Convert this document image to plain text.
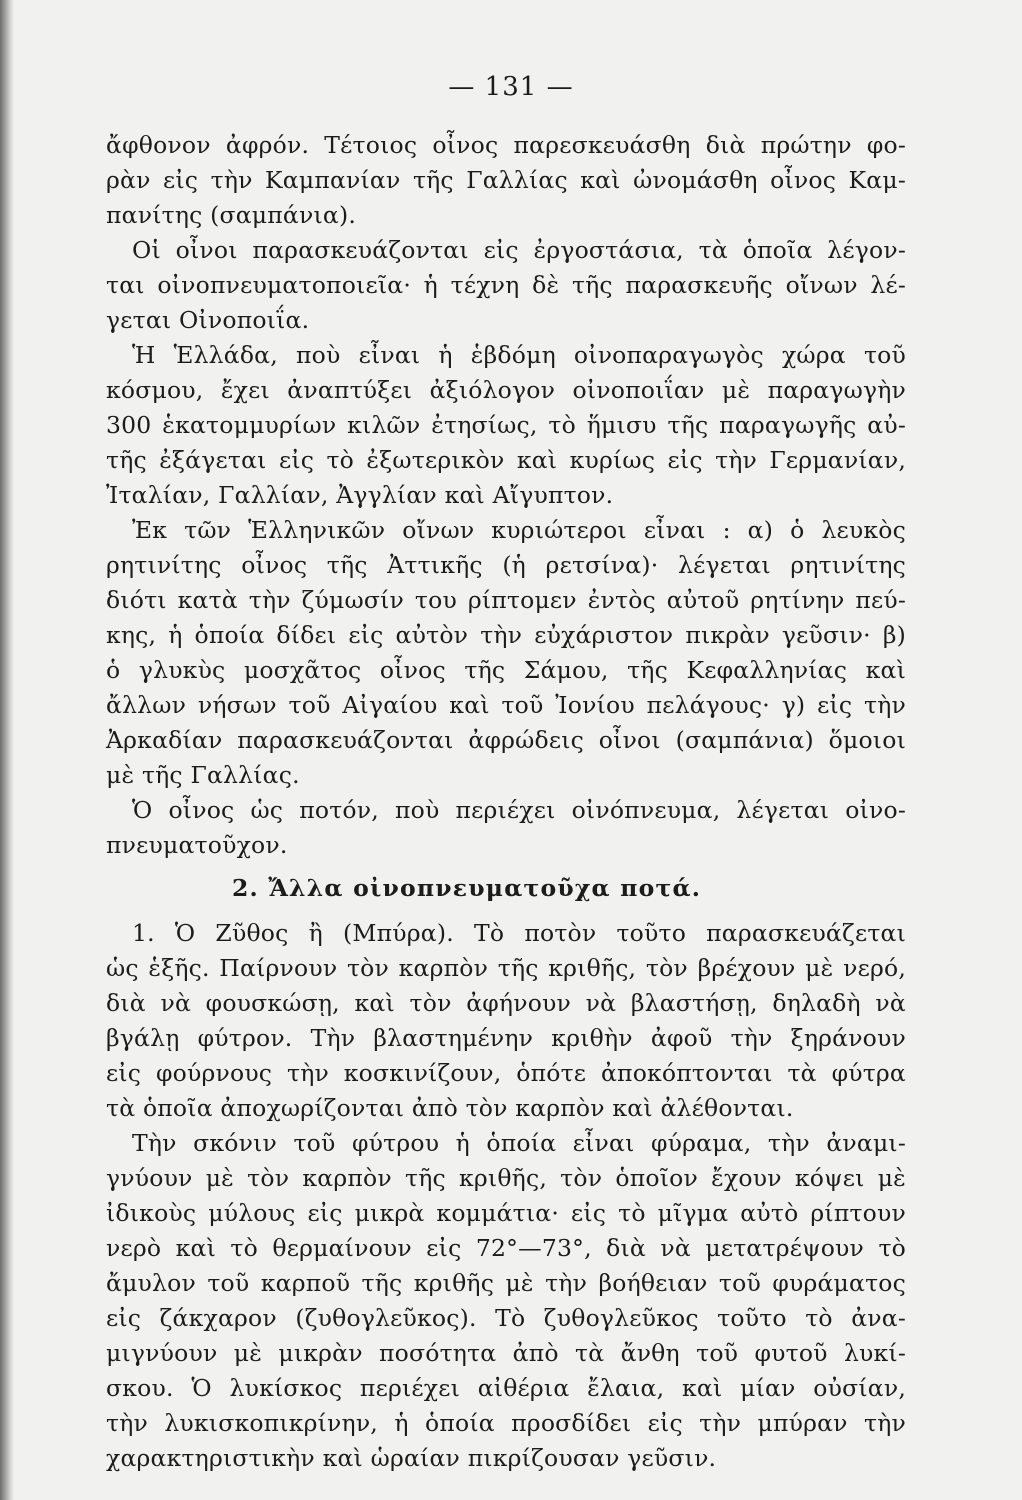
— 131 —
ἄφθονον ἀφρόν. Τέτοιος οἶνος παρεσκευάσθη διὰ πρώτην φο-
ρὰν εἰς τὴν Καμπανίαν τῆς Γαλλίας καὶ ὠνομάσθη οἶνος Καμ-
πανίτης (σαμπάνια).
Οἱ οἶνοι παρασκευάζονται εἰς ἐργοστάσια, τὰ ὁποῖα λέγον-
ται οἰνοπνευματοποιεῖα· ἡ τέχνη δὲ τῆς παρασκευῆς οἴνων λέ-
γεται Οἰνοποιΐα.
Ἡ Ἑλλάδα, ποὺ εἶναι ἡ ἑβδόμη οἰνοπαραγωγὸς χώρα τοῦ
κόσμου, ἔχει ἀναπτύξει ἀξιόλογον οἰνοποιΐαν μὲ παραγωγὴν
300 ἑκατομμυρίων κιλῶν ἐτησίως, τὸ ἥμισυ τῆς παραγωγῆς αὐ-
τῆς ἐξάγεται εἰς τὸ ἐξωτερικὸν καὶ κυρίως εἰς τὴν Γερμανίαν,
Ἰταλίαν, Γαλλίαν, Ἀγγλίαν καὶ Αἴγυπτον.
Ἐκ τῶν Ἑλληνικῶν οἴνων κυριώτεροι εἶναι : α) ὁ λευκὸς
ρητινίτης οἶνος τῆς Ἀττικῆς (ἡ ρετσίνα)· λέγεται ρητινίτης
διότι κατὰ τὴν ζύμωσίν του ρίπτομεν ἐντὸς αὐτοῦ ρητίνην πεύ-
κης, ἡ ὁποία δίδει εἰς αὐτὸν τὴν εὐχάριστον πικρὰν γεῦσιν· β)
ὁ γλυκὺς μοσχᾶτος οἶνος τῆς Σάμου, τῆς Κεφαλληνίας καὶ
ἄλλων νήσων τοῦ Αἰγαίου καὶ τοῦ Ἰονίου πελάγους· γ) εἰς τὴν
Ἀρκαδίαν παρασκευάζονται ἀφρώδεις οἶνοι (σαμπάνια) ὅμοιοι
μὲ τῆς Γαλλίας.
Ὁ οἶνος ὡς ποτόν, ποὺ περιέχει οἰνόπνευμα, λέγεται οἰνο-
πνευματοῦχον.
2. Ἄλλα οἰνοπνευματοῦχα ποτά.
1. Ὁ Ζῦθος ἢ (Μπύρα). Τὸ ποτὸν τοῦτο παρασκευάζεται
ὡς ἑξῆς. Παίρνουν τὸν καρπὸν τῆς κριθῆς, τὸν βρέχουν μὲ νερό,
διὰ νὰ φουσκώσῃ, καὶ τὸν ἀφήνουν νὰ βλαστήσῃ, δηλαδὴ νὰ
βγάλῃ φύτρον. Τὴν βλαστημένην κριθὴν ἀφοῦ τὴν ξηράνουν
εἰς φούρνους τὴν κοσκινίζουν, ὁπότε ἀποκόπτονται τὰ φύτρα
τὰ ὁποῖα ἀποχωρίζονται ἀπὸ τὸν καρπὸν καὶ ἀλέθονται.
Τὴν σκόνιν τοῦ φύτρου ἡ ὁποία εἶναι φύραμα, τὴν ἀναμι-
γνύουν μὲ τὸν καρπὸν τῆς κριθῆς, τὸν ὁποῖον ἔχουν κόψει μὲ
ἰδικοὺς μύλους εἰς μικρὰ κομμάτια· εἰς τὸ μῖγμα αὐτὸ ρίπτουν
νερὸ καὶ τὸ θερμαίνουν εἰς 72°—73°, διὰ νὰ μετατρέψουν τὸ
ἄμυλον τοῦ καρποῦ τῆς κριθῆς μὲ τὴν βοήθειαν τοῦ φυράματος
εἰς ζάκχαρον (ζυθογλεῦκος). Τὸ ζυθογλεῦκος τοῦτο τὸ ἀνα-
μιγνύουν μὲ μικρὰν ποσότητα ἀπὸ τὰ ἄνθη τοῦ φυτοῦ λυκί-
σκου. Ὁ λυκίσκος περιέχει αἰθέρια ἔλαια, καὶ μίαν οὐσίαν,
τὴν λυκισκοπικρίνην, ἡ ὁποία προσδίδει εἰς τὴν μπύραν τὴν
χαρακτηριστικὴν καὶ ὡραίαν πικρίζουσαν γεῦσιν.
